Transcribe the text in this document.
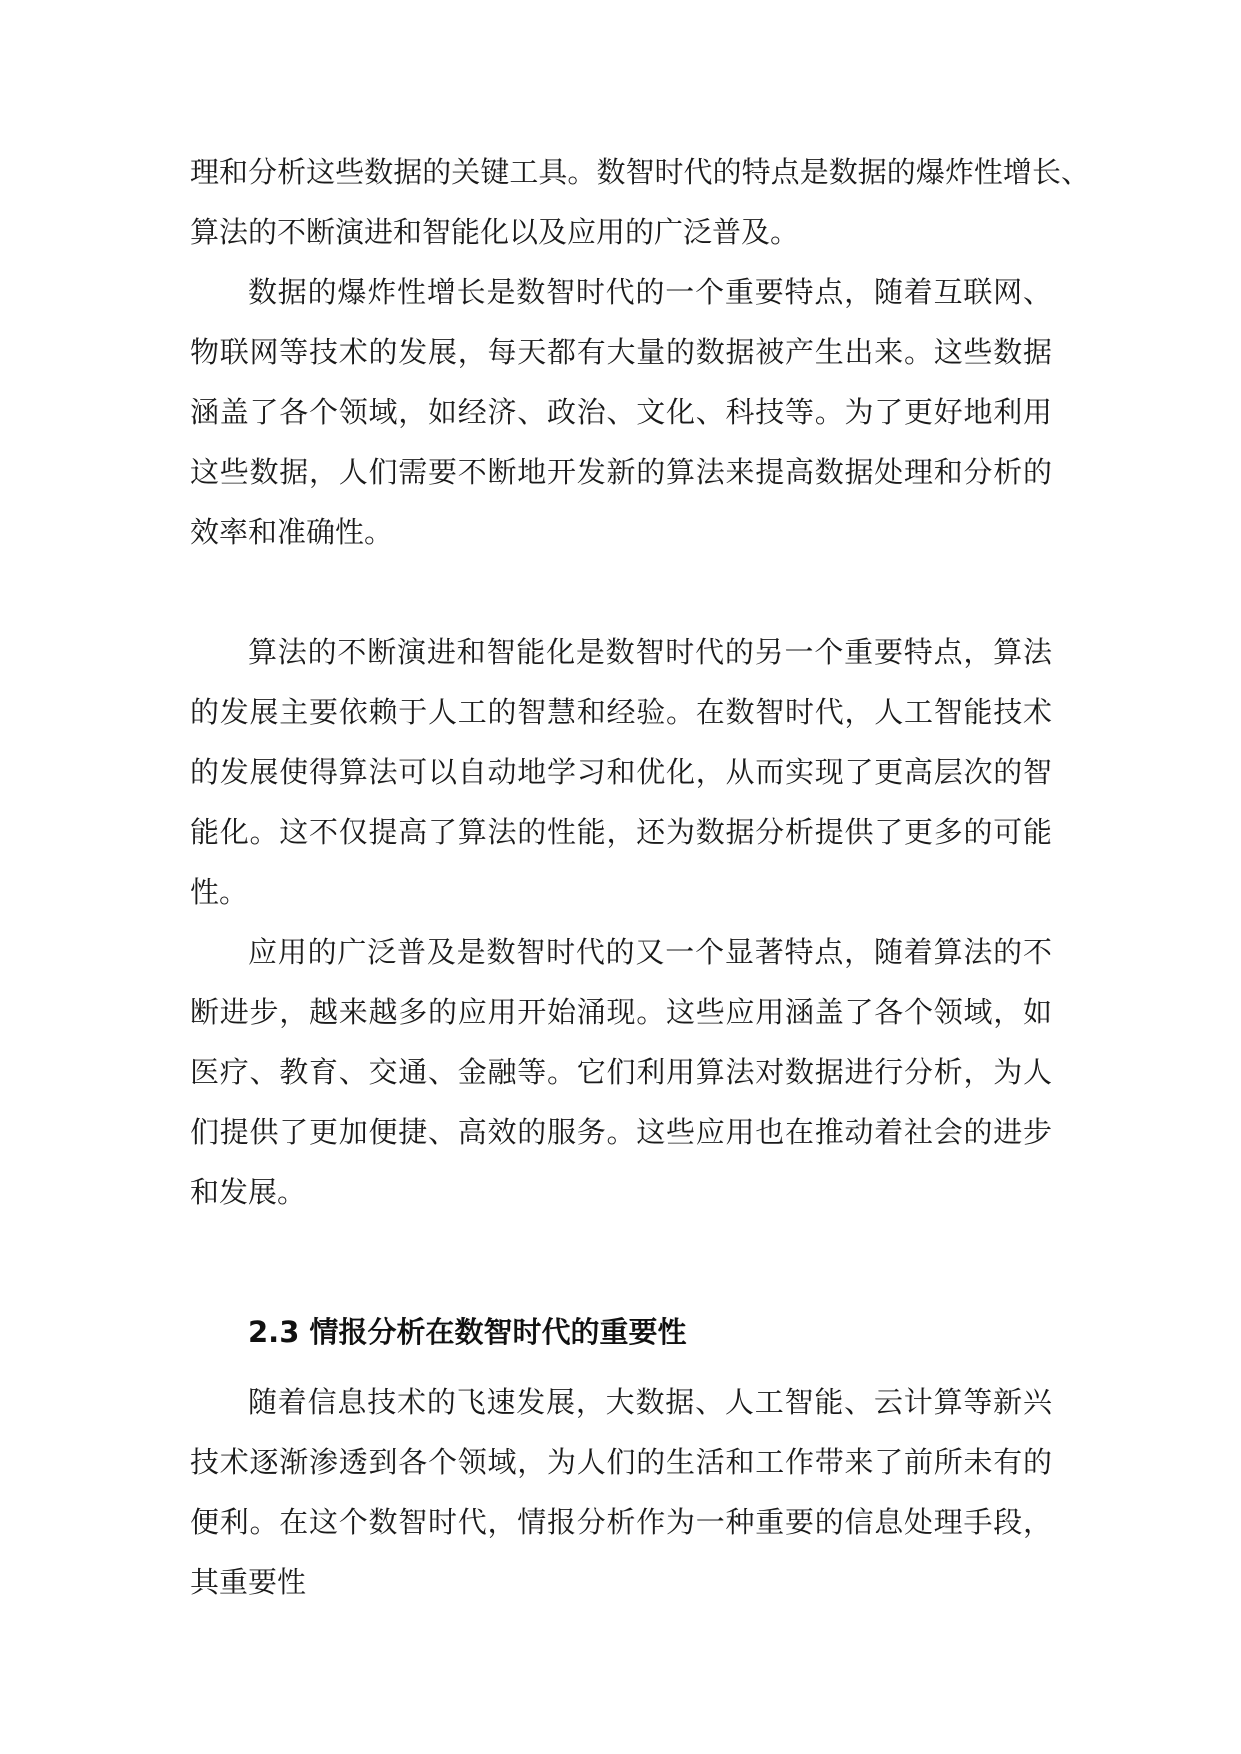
理和分析这些数据的关键工具。数智时代的特点是数据的爆炸性增长、算法的不断演进和智能化以及应用的广泛普及。

数据的爆炸性增长是数智时代的一个重要特点，随着互联网、物联网等技术的发展，每天都有大量的数据被产生出来。这些数据涵盖了各个领域，如经济、政治、文化、科技等。为了更好地利用这些数据，人们需要不断地开发新的算法来提高数据处理和分析的效率和准确性。

算法的不断演进和智能化是数智时代的另一个重要特点，算法的发展主要依赖于人工的智慧和经验。在数智时代，人工智能技术的发展使得算法可以自动地学习和优化，从而实现了更高层次的智能化。这不仅提高了算法的性能，还为数据分析提供了更多的可能性。

应用的广泛普及是数智时代的又一个显著特点，随着算法的不断进步，越来越多的应用开始涌现。这些应用涵盖了各个领域，如医疗、教育、交通、金融等。它们利用算法对数据进行分析，为人们提供了更加便捷、高效的服务。这些应用也在推动着社会的进步和发展。

2.3 情报分析在数智时代的重要性

随着信息技术的飞速发展，大数据、人工智能、云计算等新兴技术逐渐渗透到各个领域，为人们的生活和工作带来了前所未有的便利。在这个数智时代，情报分析作为一种重要的信息处理手段，其重要性
